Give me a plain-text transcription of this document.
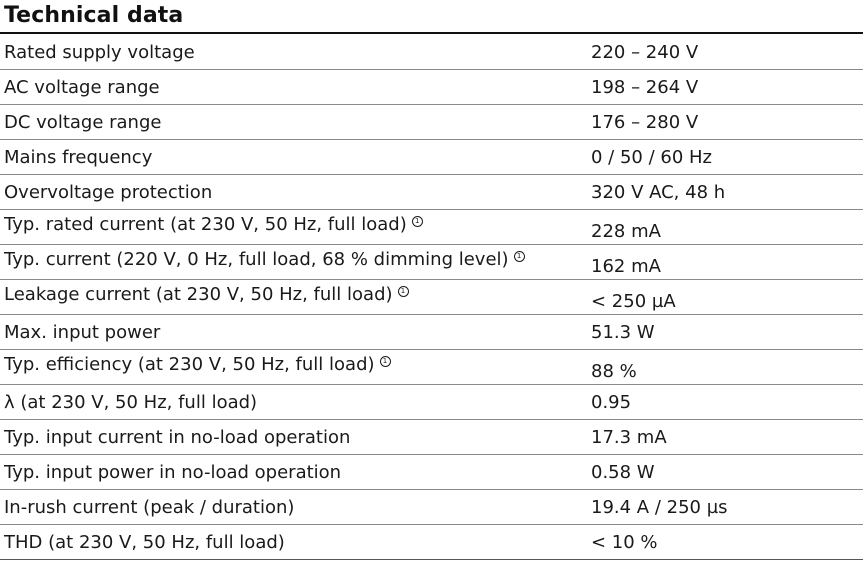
Technical data
Rated supply voltage	220 – 240 V
AC voltage range	198 – 264 V
DC voltage range	176 – 280 V
Mains frequency	0 / 50 / 60 Hz
Overvoltage protection	320 V AC, 48 h
Typ. rated current (at 230 V, 50 Hz, full load) 1	228 mA
Typ. current (220 V, 0 Hz, full load, 68 % dimming level) 1	162 mA
Leakage current (at 230 V, 50 Hz, full load) 1	< 250 µA
Max. input power	51.3 W
Typ. efficiency (at 230 V, 50 Hz, full load) 1	88 %
λ (at 230 V, 50 Hz, full load)	0.95
Typ. input current in no-load operation	17.3 mA
Typ. input power in no-load operation	0.58 W
In-rush current (peak / duration)	19.4 A / 250 µs
THD (at 230 V, 50 Hz, full load)	< 10 %
